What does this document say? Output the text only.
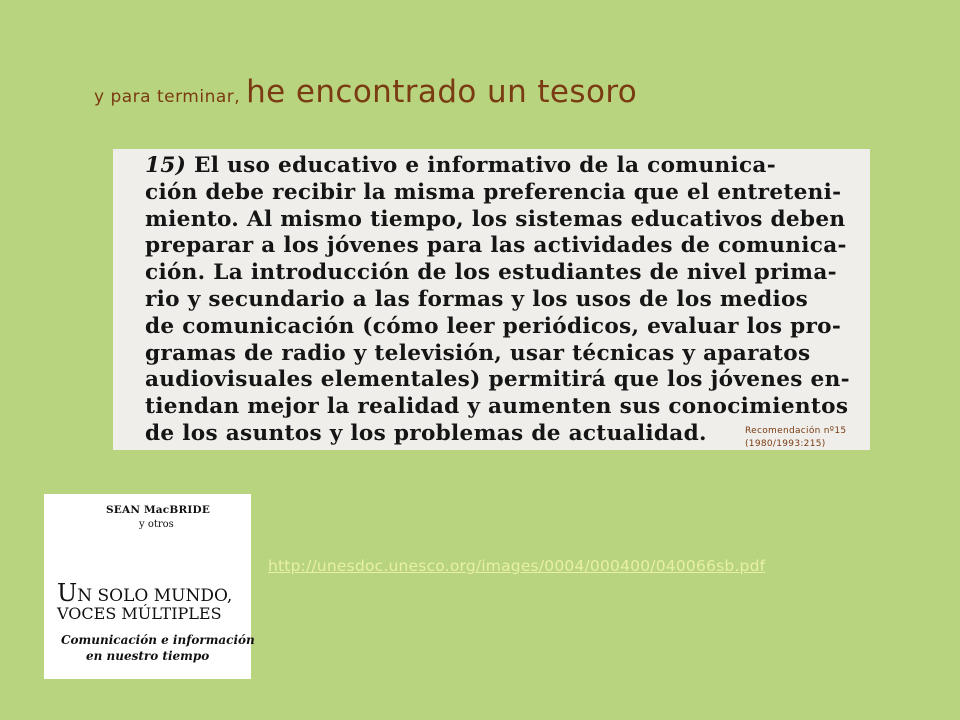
y para terminar, he encontrado un tesoro
15) El uso educativo e informativo de la comunica-
ción debe recibir la misma preferencia que el entreteni-
miento. Al mismo tiempo, los sistemas educativos deben
preparar a los jóvenes para las actividades de comunica-
ción. La introducción de los estudiantes de nivel prima-
rio y secundario a las formas y los usos de los medios
de comunicación (cómo leer periódicos, evaluar los pro-
gramas de radio y televisión, usar técnicas y aparatos
audiovisuales elementales) permitirá que los jóvenes en-
tiendan mejor la realidad y aumenten sus conocimientos
de los asuntos y los problemas de actualidad.	Recomendación nº15
(1980/1993:215)
SEAN MacBRIDE
y otros
UN SOLO MUNDO,
VOCES MÚLTIPLES
Comunicación e información
en nuestro tiempo
http://unesdoc.unesco.org/images/0004/000400/040066sb.pdf
